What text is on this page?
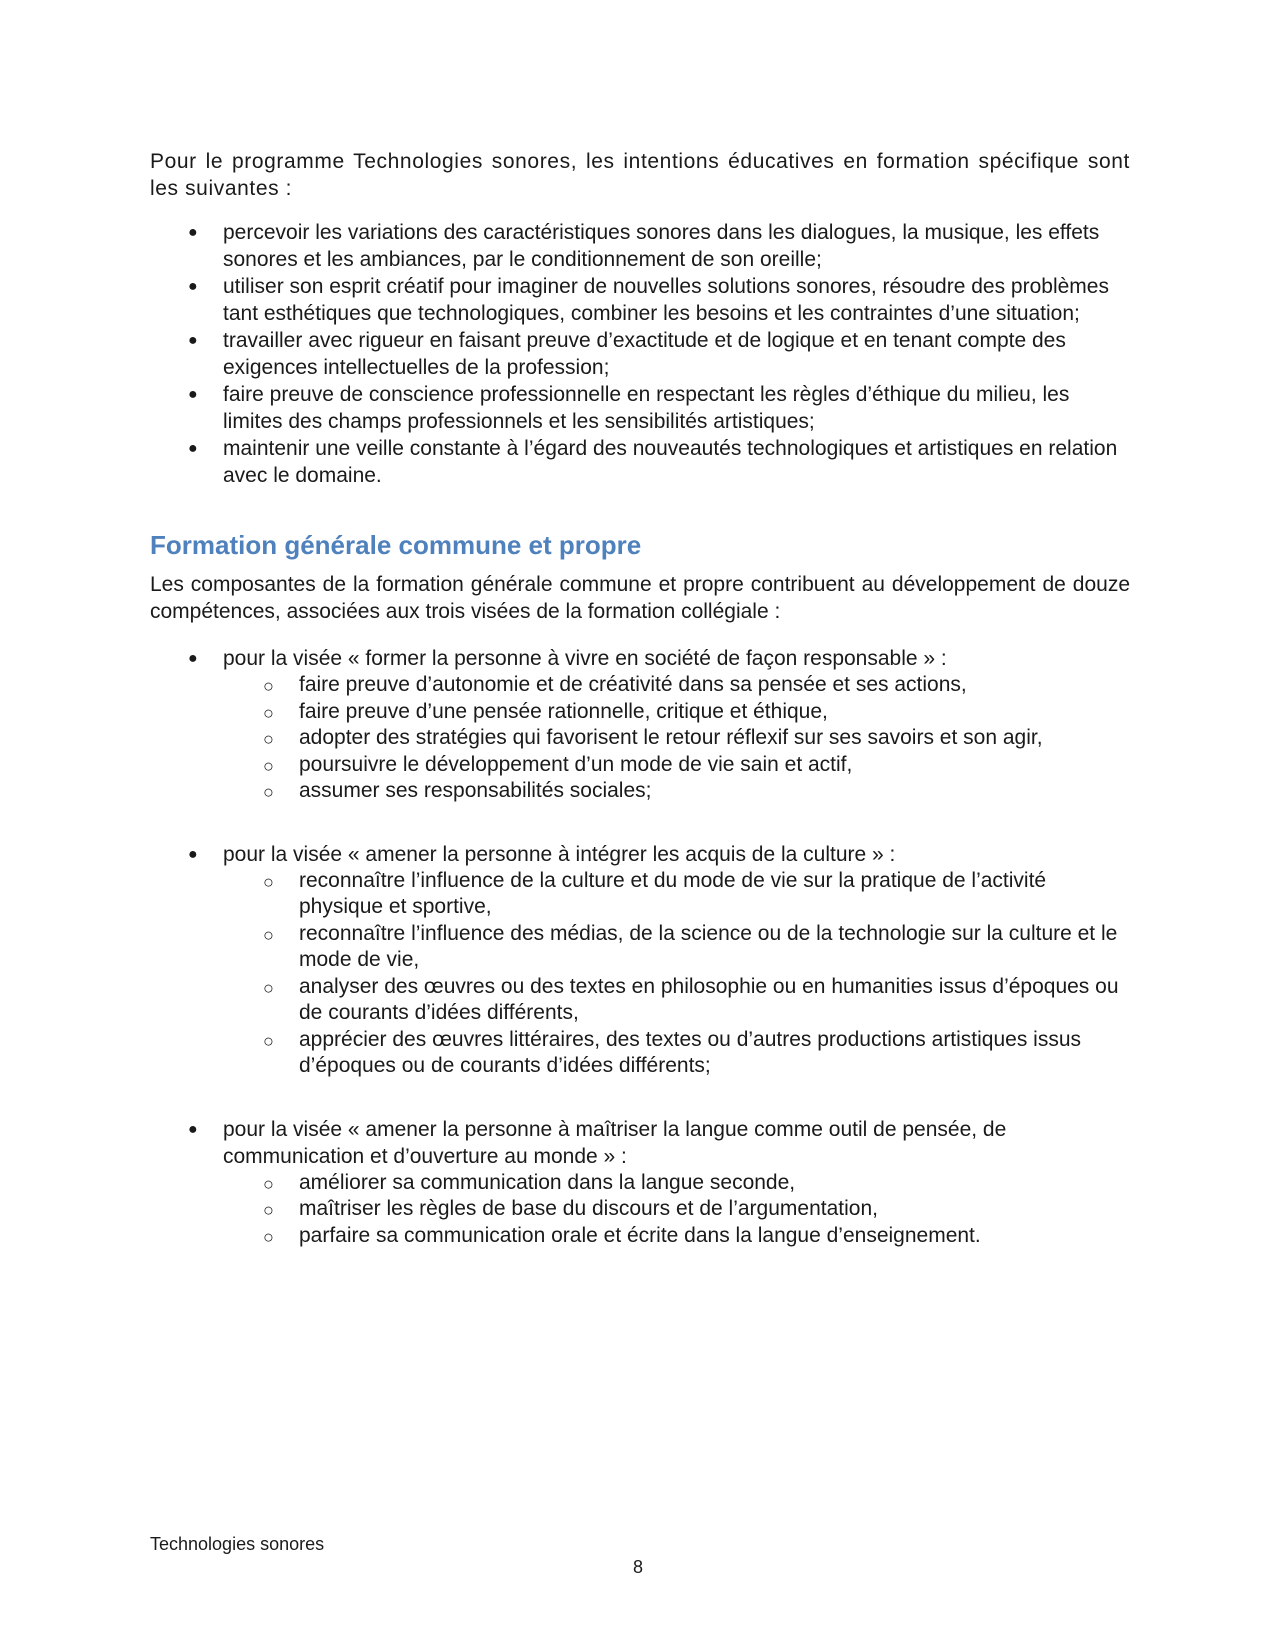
Pour le programme Technologies sonores, les intentions éducatives en formation spécifique sont les suivantes :

● percevoir les variations des caractéristiques sonores dans les dialogues, la musique, les effets sonores et les ambiances, par le conditionnement de son oreille;
● utiliser son esprit créatif pour imaginer de nouvelles solutions sonores, résoudre des problèmes tant esthétiques que technologiques, combiner les besoins et les contraintes d’une situation;
● travailler avec rigueur en faisant preuve d’exactitude et de logique et en tenant compte des exigences intellectuelles de la profession;
● faire preuve de conscience professionnelle en respectant les règles d’éthique du milieu, les limites des champs professionnels et les sensibilités artistiques;
● maintenir une veille constante à l’égard des nouveautés technologiques et artistiques en relation avec le domaine.
Formation générale commune et propre

Les composantes de la formation générale commune et propre contribuent au développement de douze compétences, associées aux trois visées de la formation collégiale :

● pour la visée « former la personne à vivre en société de façon responsable » :
○ faire preuve d’autonomie et de créativité dans sa pensée et ses actions,
○ faire preuve d’une pensée rationnelle, critique et éthique,
○ adopter des stratégies qui favorisent le retour réflexif sur ses savoirs et son agir,
○ poursuivre le développement d’un mode de vie sain et actif,
○ assumer ses responsabilités sociales;
● pour la visée « amener la personne à intégrer les acquis de la culture » :
○ reconnaître l’influence de la culture et du mode de vie sur la pratique de l’activité physique et sportive,
○ reconnaître l’influence des médias, de la science ou de la technologie sur la culture et le mode de vie,
○ analyser des œuvres ou des textes en philosophie ou en humanities issus d’époques ou de courants d’idées différents,
○ apprécier des œuvres littéraires, des textes ou d’autres productions artistiques issus d’époques ou de courants d’idées différents;
● pour la visée « amener la personne à maîtriser la langue comme outil de pensée, de communication et d’ouverture au monde » :
○ améliorer sa communication dans la langue seconde,
○ maîtriser les règles de base du discours et de l’argumentation,
○ parfaire sa communication orale et écrite dans la langue d’enseignement.
Technologies sonores
8
